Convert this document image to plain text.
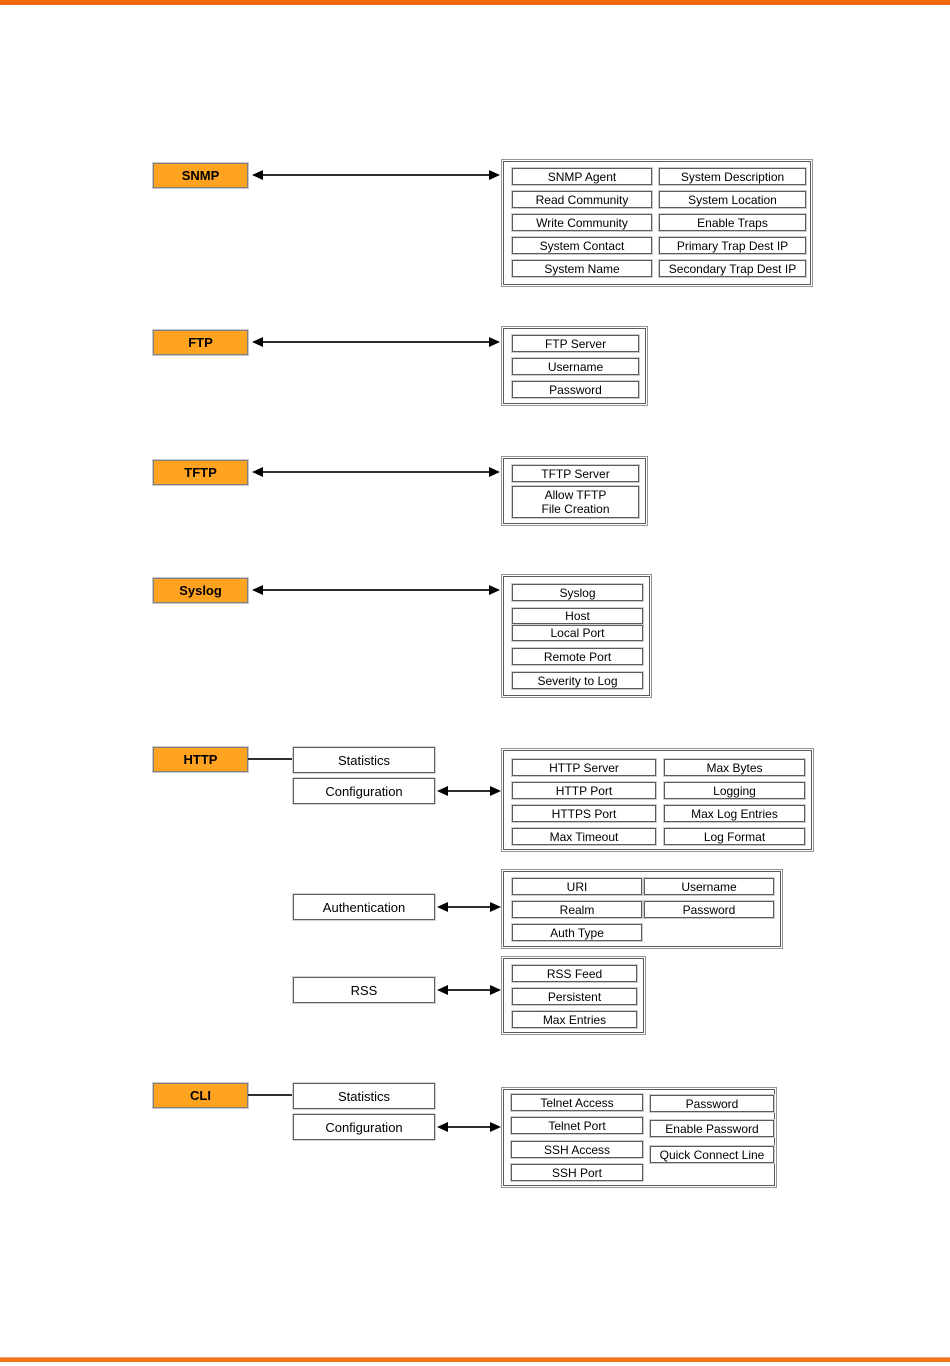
SNMP	SNMP Agent
Read Community
Write Community
System Contact
System Name
System Description
System Location
Enable Traps
Primary Trap Dest IP
Secondary Trap Dest IP
FTP	FTP Server
Username
Password
TFTP	TFTP Server
Allow TFTP
File Creation
Syslog	Syslog
Host
Local Port
Remote Port
Severity to Log
HTTP	Statistics
Configuration
HTTP Server
HTTP Port
HTTPS Port
Max Timeout
Max Bytes
Logging
Max Log Entries
Log Format
Authentication
URI
Realm
Auth Type
Username
Password
RSS
RSS Feed
Persistent
Max Entries
CLI	Statistics
Configuration
Telnet Access
Telnet Port
SSH Access
SSH Port
Password
Enable Password
Quick Connect Line
